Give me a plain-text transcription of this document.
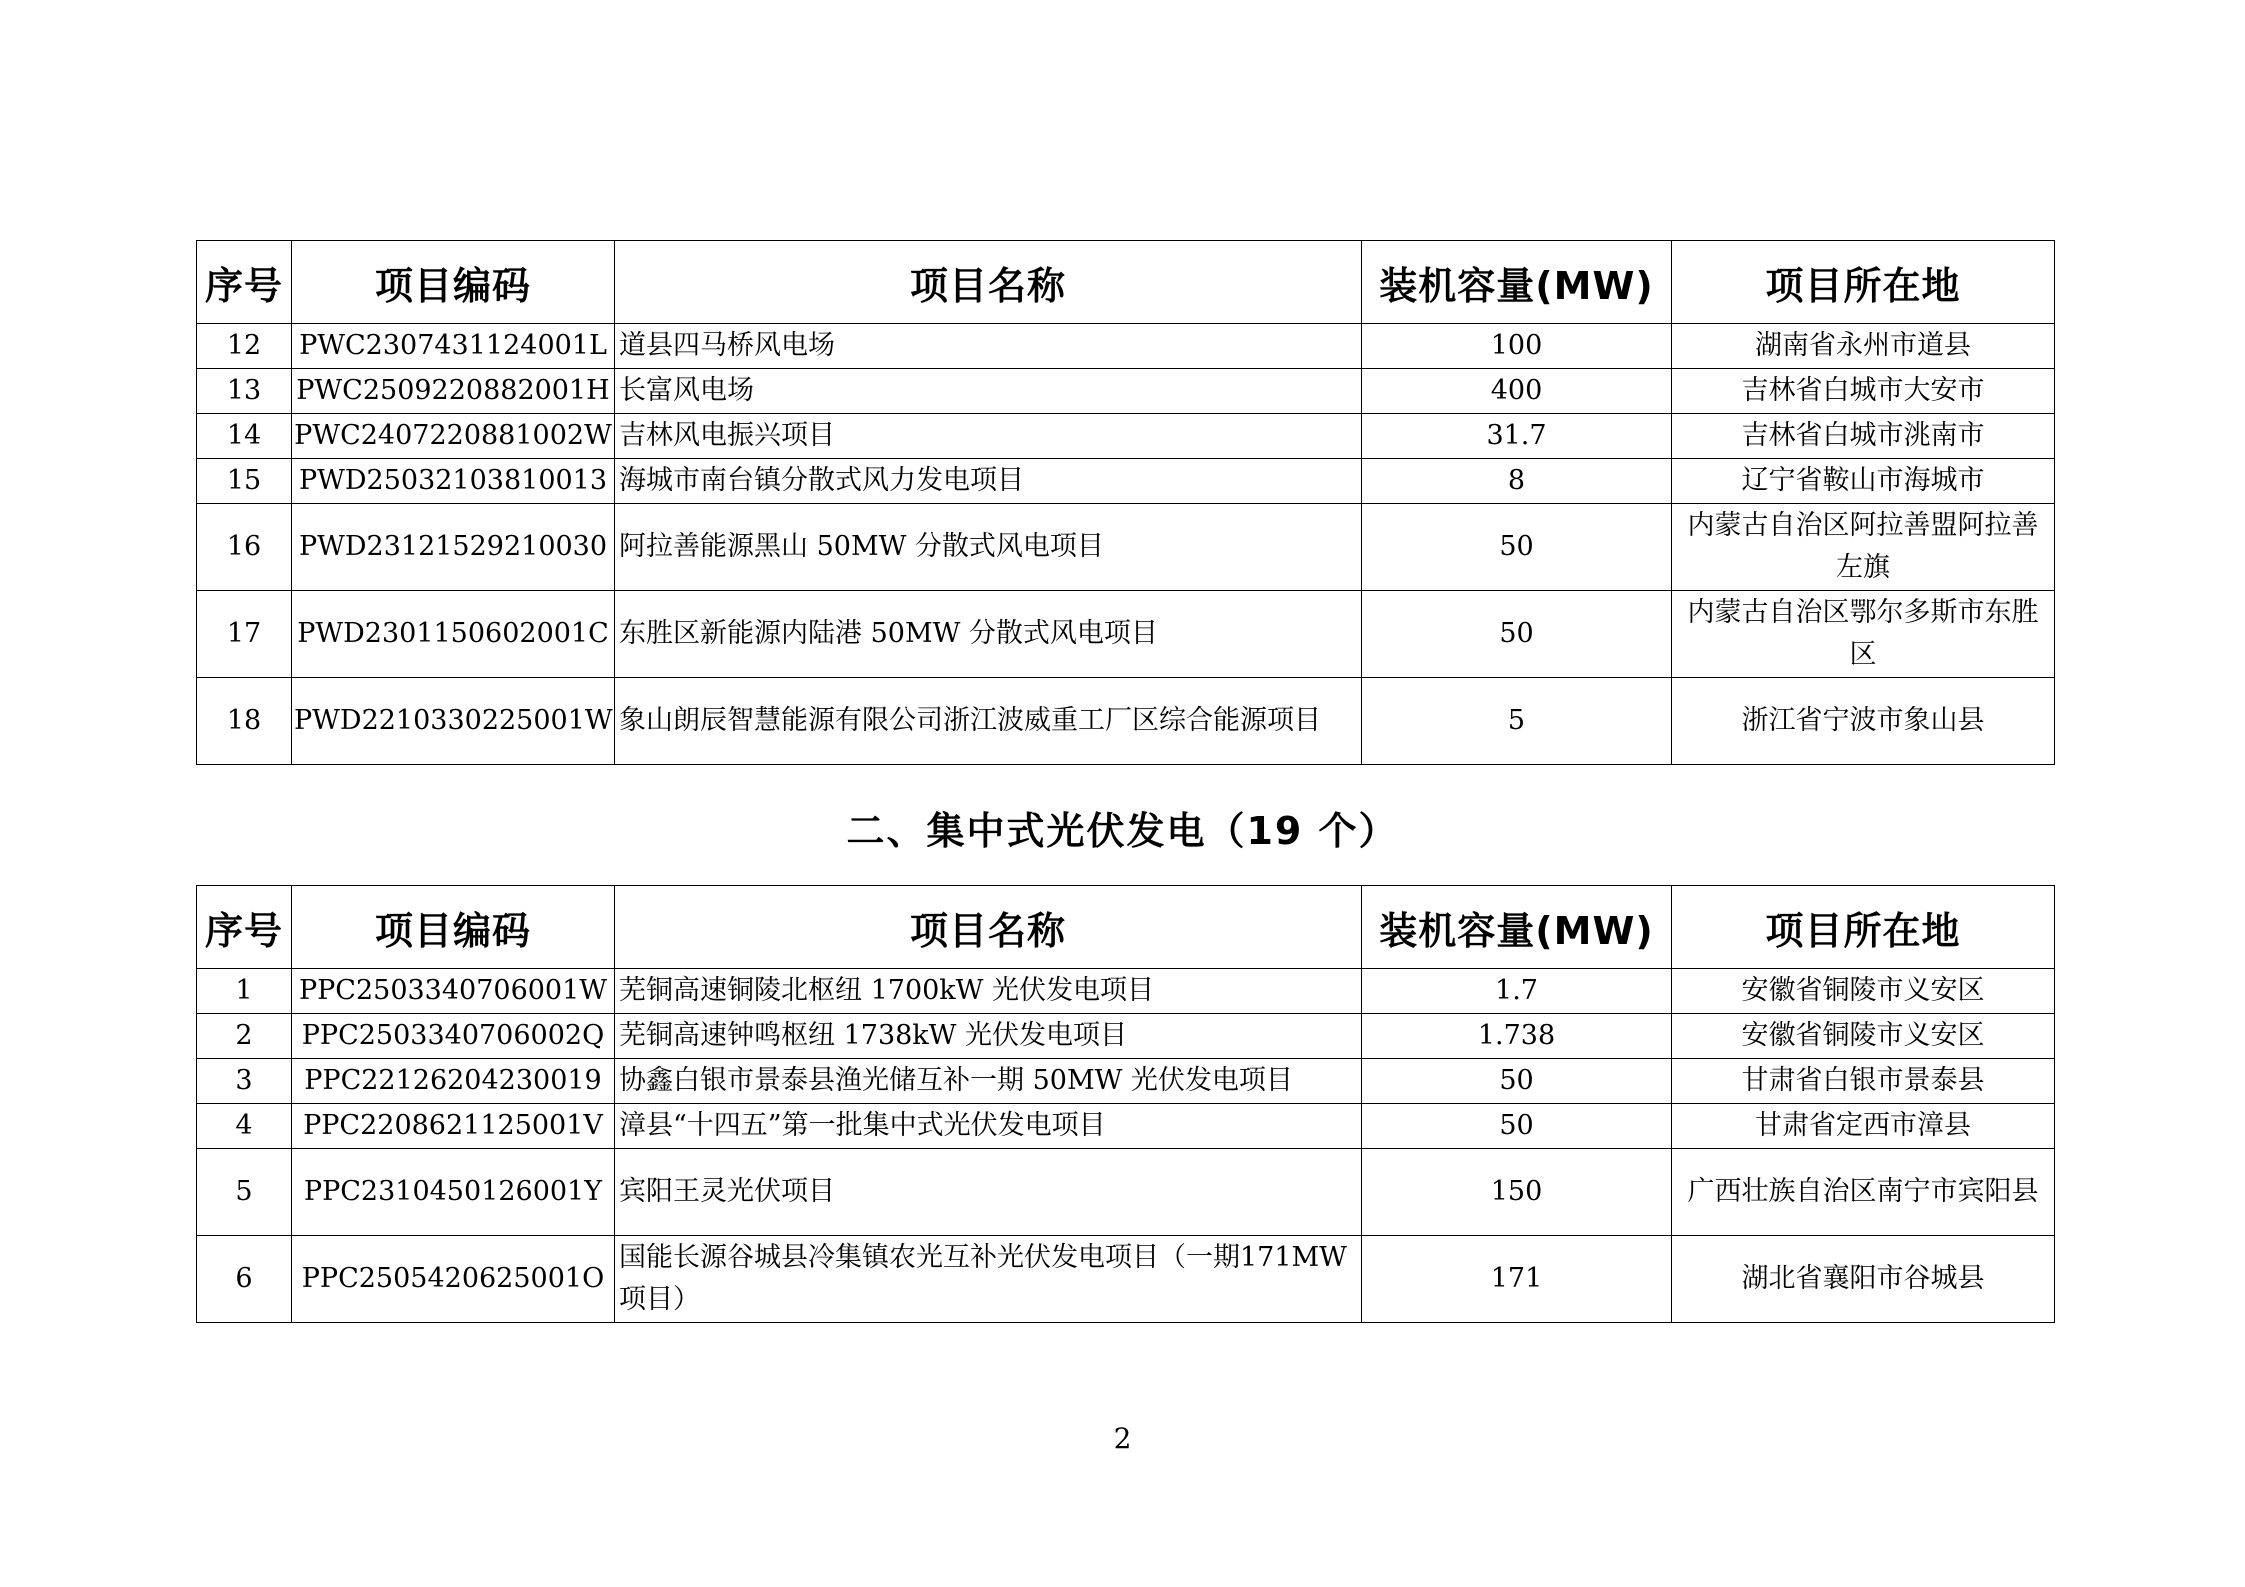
序号	项目编码	项目名称	装机容量(MW)	项目所在地
12	PWC2307431124001L	道县四马桥风电场	100	湖南省永州市道县
13	PWC2509220882001H	长富风电场	400	吉林省白城市大安市
14	PWC2407220881002W	吉林风电振兴项目	31.7	吉林省白城市洮南市
15	PWD25032103810013	海城市南台镇分散式风力发电项目	8	辽宁省鞍山市海城市
16	PWD23121529210030	阿拉善能源黑山 50MW 分散式风电项目	50	内蒙古自治区阿拉善盟阿拉善左旗
17	PWD2301150602001C	东胜区新能源内陆港 50MW 分散式风电项目	50	内蒙古自治区鄂尔多斯市东胜区
18	PWD2210330225001W	象山朗辰智慧能源有限公司浙江波威重工厂区综合能源项目	5	浙江省宁波市象山县
二、集中式光伏发电（19 个）
序号	项目编码	项目名称	装机容量(MW)	项目所在地
1	PPC2503340706001W	芜铜高速铜陵北枢纽 1700kW 光伏发电项目	1.7	安徽省铜陵市义安区
2	PPC2503340706002Q	芜铜高速钟鸣枢纽 1738kW 光伏发电项目	1.738	安徽省铜陵市义安区
3	PPC22126204230019	协鑫白银市景泰县渔光储互补一期 50MW 光伏发电项目	50	甘肃省白银市景泰县
4	PPC2208621125001V	漳县“十四五”第一批集中式光伏发电项目	50	甘肃省定西市漳县
5	PPC2310450126001Y	宾阳王灵光伏项目	150	广西壮族自治区南宁市宾阳县
6	PPC2505420625001O	国能长源谷城县冷集镇农光互补光伏发电项目（一期171MW 项目）	171	湖北省襄阳市谷城县
2
